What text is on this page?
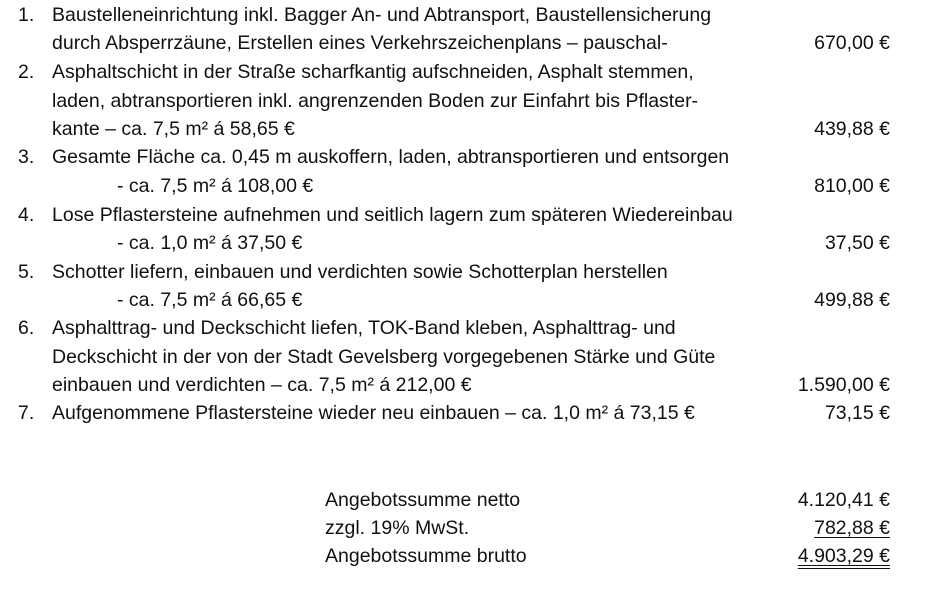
1. Baustelleneinrichtung inkl. Bagger An- und Abtransport, Baustellensicherung
durch Absperrzäune, Erstellen eines Verkehrszeichenplans – pauschal-	670,00 €
2. Asphaltschicht in der Straße scharfkantig aufschneiden, Asphalt stemmen,
laden, abtransportieren inkl. angrenzenden Boden zur Einfahrt bis Pflaster-
kante – ca. 7,5 m² á 58,65 €	439,88 €
3. Gesamte Fläche ca. 0,45 m auskoffern, laden, abtransportieren und entsorgen
- ca. 7,5 m² á 108,00 €	810,00 €
4. Lose Pflastersteine aufnehmen und seitlich lagern zum späteren Wiedereinbau
- ca. 1,0 m² á 37,50 €	37,50 €
5. Schotter liefern, einbauen und verdichten sowie Schotterplan herstellen
- ca. 7,5 m² á 66,65 €	499,88 €
6. Asphalttrag- und Deckschicht liefen, TOK-Band kleben, Asphalttrag- und
Deckschicht in der von der Stadt Gevelsberg vorgegebenen Stärke und Güte
einbauen und verdichten – ca. 7,5 m² á 212,00 €	1.590,00 €
7. Aufgenommene Pflastersteine wieder neu einbauen – ca. 1,0 m² á 73,15 €	73,15 €
Angebotssumme netto	4.120,41 €
zzgl. 19% MwSt.	782,88 €
Angebotssumme brutto	4.903,29 €
